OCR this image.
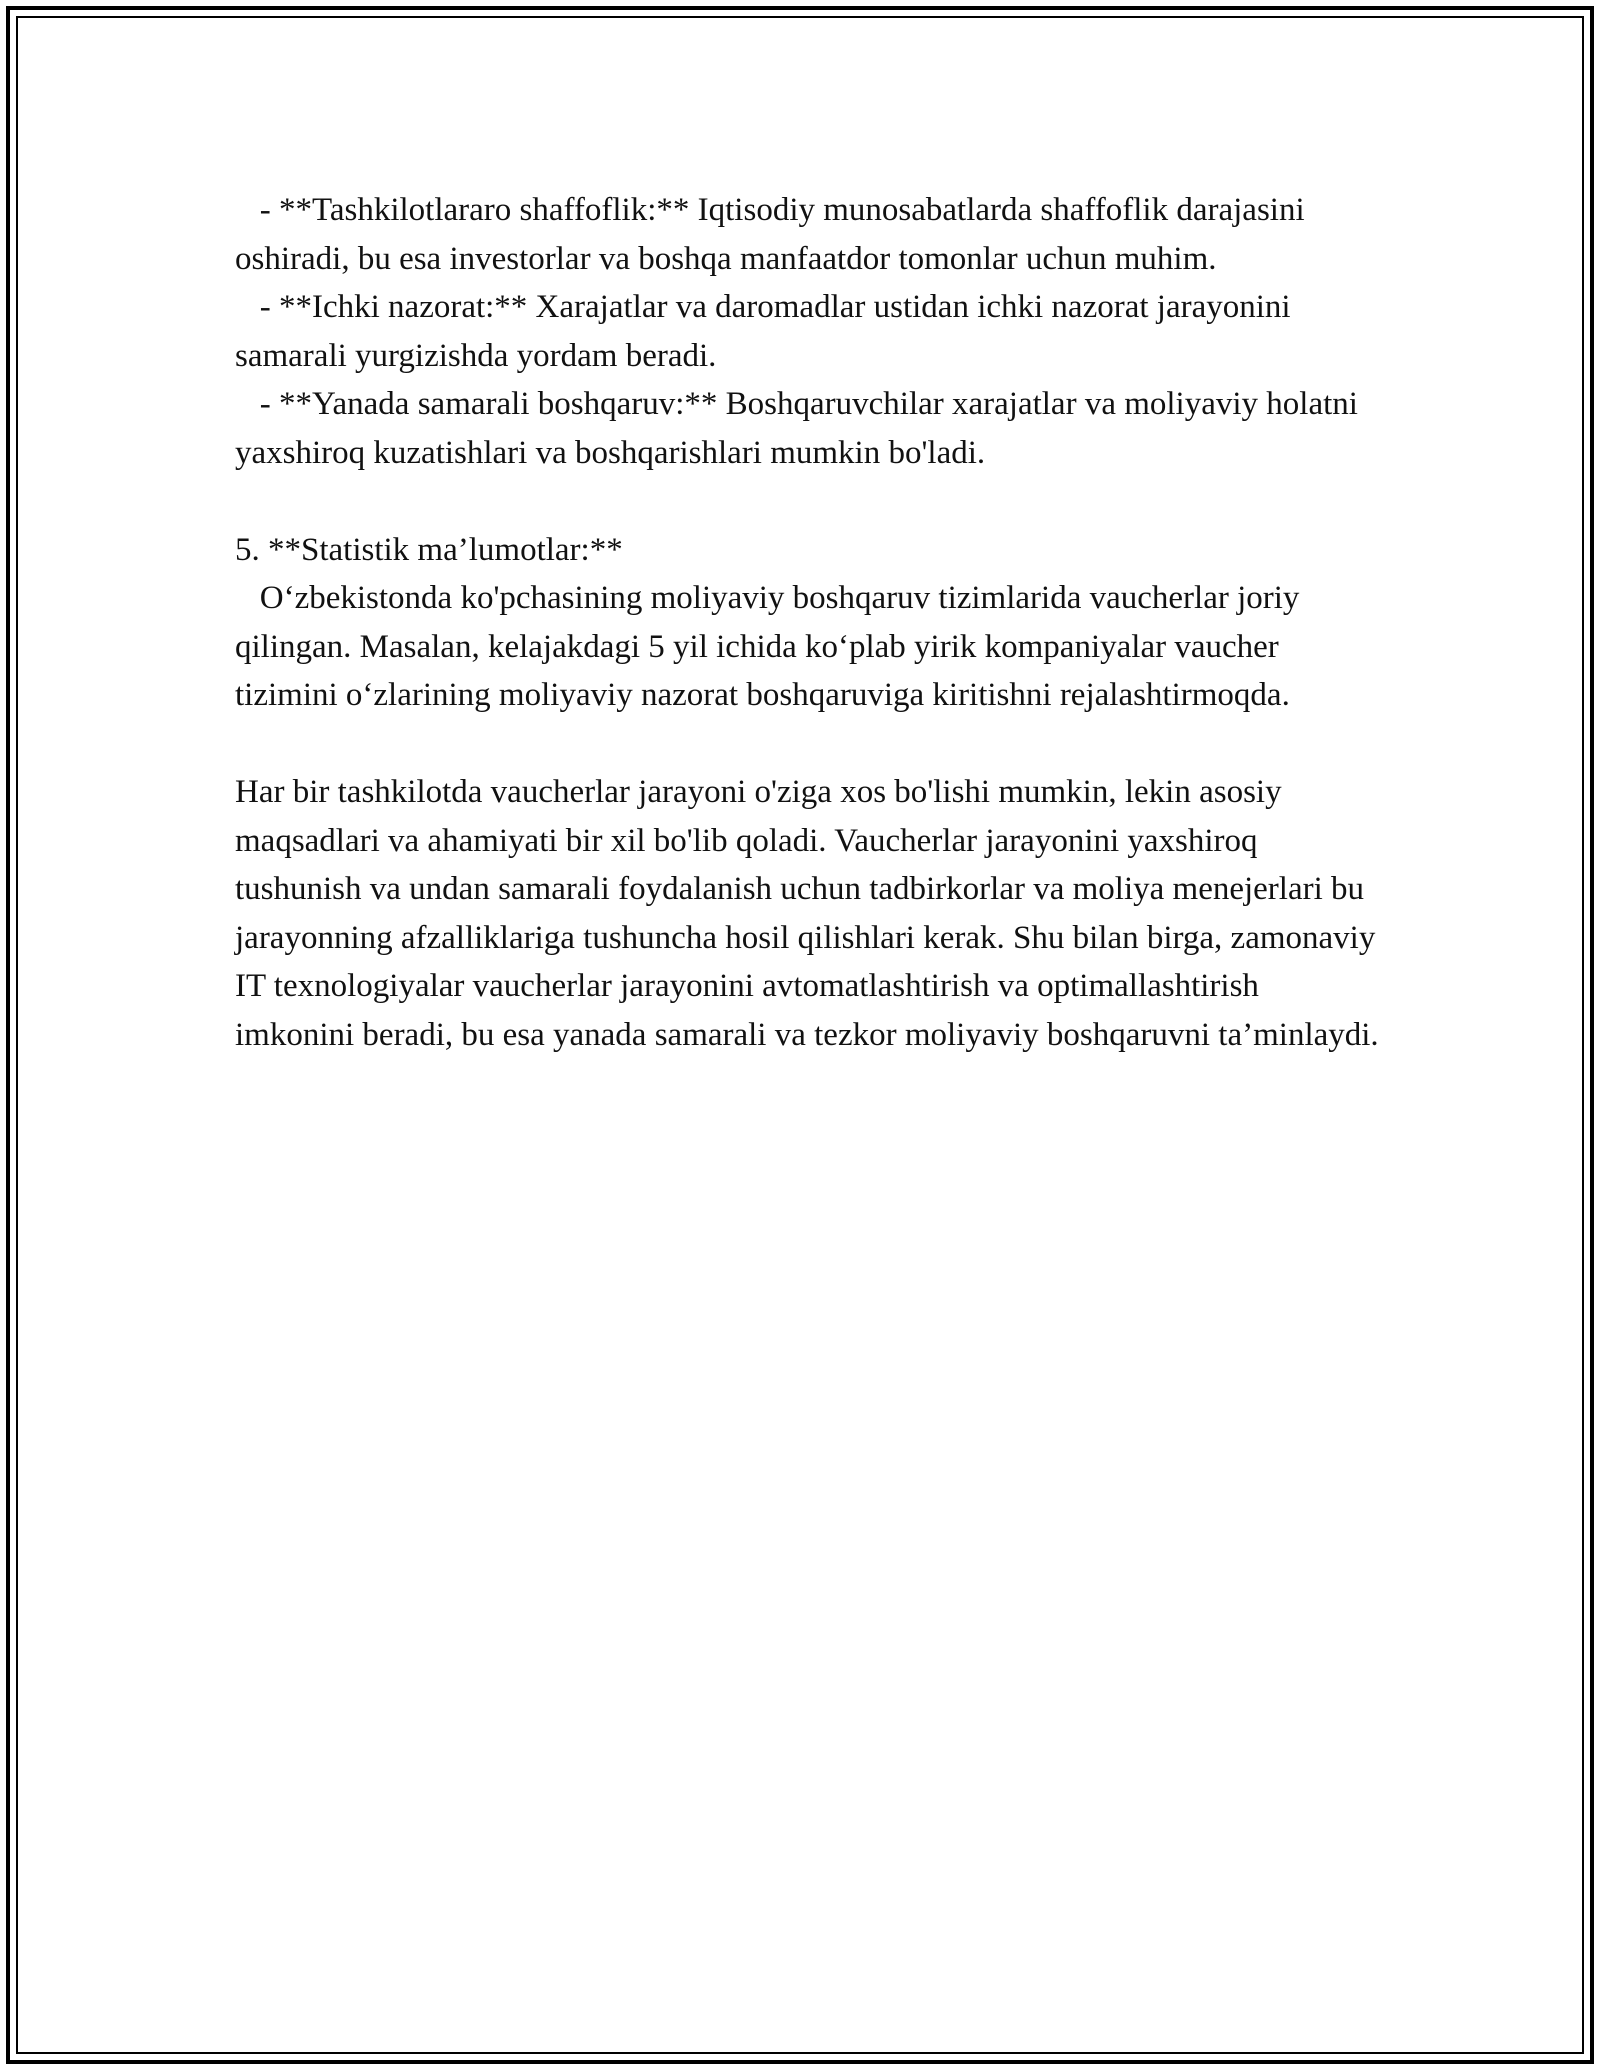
- **Tashkilotlararo shaffoflik:** Iqtisodiy munosabatlarda shaffoflik darajasini oshiradi, bu esa investorlar va boshqa manfaatdor tomonlar uchun muhim.

- **Ichki nazorat:** Xarajatlar va daromadlar ustidan ichki nazorat jarayonini samarali yurgizishda yordam beradi.

- **Yanada samarali boshqaruv:** Boshqaruvchilar xarajatlar va moliyaviy holatni yaxshiroq kuzatishlari va boshqarishlari mumkin bo'ladi.

5. **Statistik ma’lumotlar:**

O‘zbekistonda ko'pchasining moliyaviy boshqaruv tizimlarida vaucherlar joriy qilingan. Masalan, kelajakdagi 5 yil ichida ko‘plab yirik kompaniyalar vaucher tizimini o‘zlarining moliyaviy nazorat boshqaruviga kiritishni rejalashtirmoqda.

Har bir tashkilotda vaucherlar jarayoni o'ziga xos bo'lishi mumkin, lekin asosiy maqsadlari va ahamiyati bir xil bo'lib qoladi. Vaucherlar jarayonini yaxshiroq tushunish va undan samarali foydalanish uchun tadbirkorlar va moliya menejerlari bu jarayonning afzalliklariga tushuncha hosil qilishlari kerak. Shu bilan birga, zamonaviy IT texnologiyalar vaucherlar jarayonini avtomatlashtirish va optimallashtirish imkonini beradi, bu esa yanada samarali va tezkor moliyaviy boshqaruvni ta’minlaydi.
